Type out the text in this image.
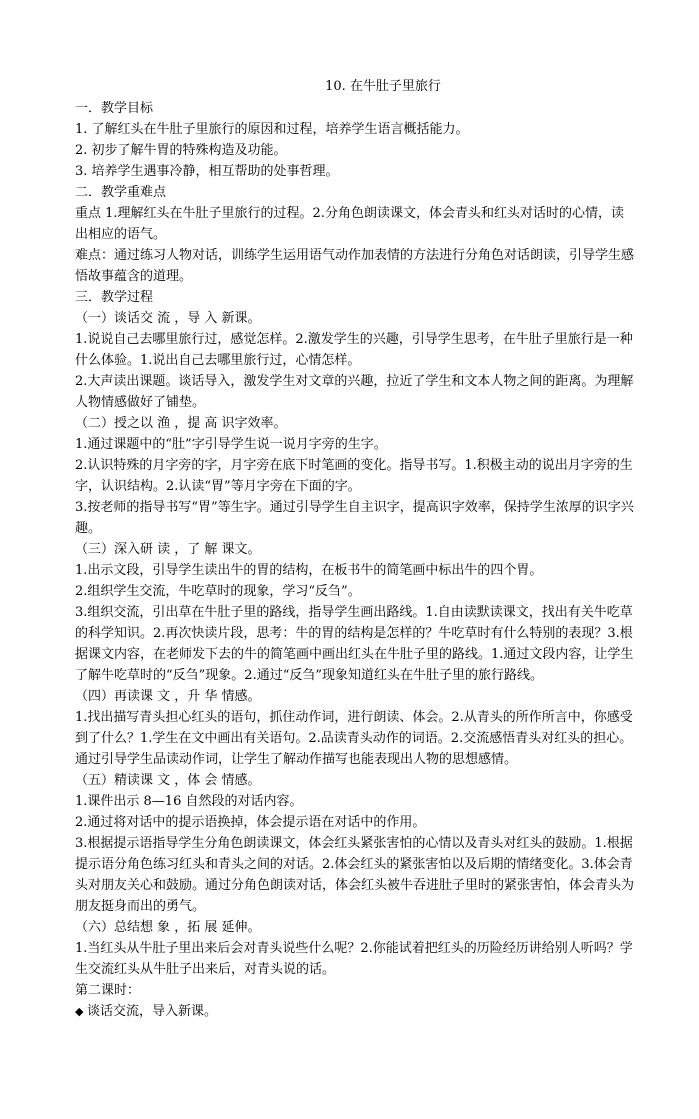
10. 在牛肚子里旅行
一．教学目标
1. 了解红头在牛肚子里旅行的原因和过程，培养学生语言概括能力。
2. 初步了解牛胃的特殊构造及功能。
3. 培养学生遇事冷静，相互帮助的处事哲理。
二．教学重难点
重点 1.理解红头在牛肚子里旅行的过程。2.分角色朗读课文，体会青头和红头对话时的心情，读出相应的语气。
难点：通过练习人物对话，训练学生运用语气动作加表情的方法进行分角色对话朗读，引导学生感悟故事蕴含的道理。
三．教学过程
（一）谈话交 流 ，导 入 新课。
1.说说自己去哪里旅行过，感觉怎样。2.激发学生的兴趣，引导学生思考，在牛肚子里旅行是一种什么体验。1.说出自己去哪里旅行过，心情怎样。
2.大声读出课题。谈话导入，激发学生对文章的兴趣，拉近了学生和文本人物之间的距离。为理解人物情感做好了铺垫。
（二）授之以 渔 ，提 高 识字效率。
1.通过课题中的“肚”字引导学生说一说月字旁的生字。
2.认识特殊的月字旁的字，月字旁在底下时笔画的变化。指导书写。1.积极主动的说出月字旁的生字，认识结构。2.认读“胃”等月字旁在下面的字。
3.按老师的指导书写“胃”等生字。通过引导学生自主识字，提高识字效率，保持学生浓厚的识字兴趣。
（三）深入研 读 ，了 解 课文。
1.出示文段，引导学生读出牛的胃的结构，在板书牛的简笔画中标出牛的四个胃。
2.组织学生交流，牛吃草时的现象，学习“反刍”。
3.组织交流，引出草在牛肚子里的路线，指导学生画出路线。1.自由读默读课文，找出有关牛吃草的科学知识。2.再次快读片段，思考：牛的胃的结构是怎样的？牛吃草时有什么特别的表现？3.根据课文内容，在老师发下去的牛的简笔画中画出红头在牛肚子里的路线。1.通过文段内容，让学生了解牛吃草时的“反刍”现象。2.通过“反刍”现象知道红头在牛肚子里的旅行路线。
（四）再读课 文 ，升 华 情感。
1.找出描写青头担心红头的语句，抓住动作词，进行朗读、体会。2.从青头的所作所言中，你感受到了什么？1.学生在文中画出有关语句。2.品读青头动作的词语。2.交流感悟青头对红头的担心。通过引导学生品读动作词，让学生了解动作描写也能表现出人物的思想感情。
（五）精读课 文 ，体 会 情感。
1.课件出示 8—16 自然段的对话内容。
2.通过将对话中的提示语换掉，体会提示语在对话中的作用。
3.根据提示语指导学生分角色朗读课文，体会红头紧张害怕的心情以及青头对红头的鼓励。1.根据提示语分角色练习红头和青头之间的对话。2.体会红头的紧张害怕以及后期的情绪变化。3.体会青头对朋友关心和鼓励。通过分角色朗读对话，体会红头被牛吞进肚子里时的紧张害怕，体会青头为朋友挺身而出的勇气。
（六）总结想 象 ，拓 展 延伸。
1.当红头从牛肚子里出来后会对青头说些什么呢？2.你能试着把红头的历险经历讲给别人听吗？学生交流红头从牛肚子出来后，对青头说的话。
第二课时：
◆ 谈话交流，导入新课。
